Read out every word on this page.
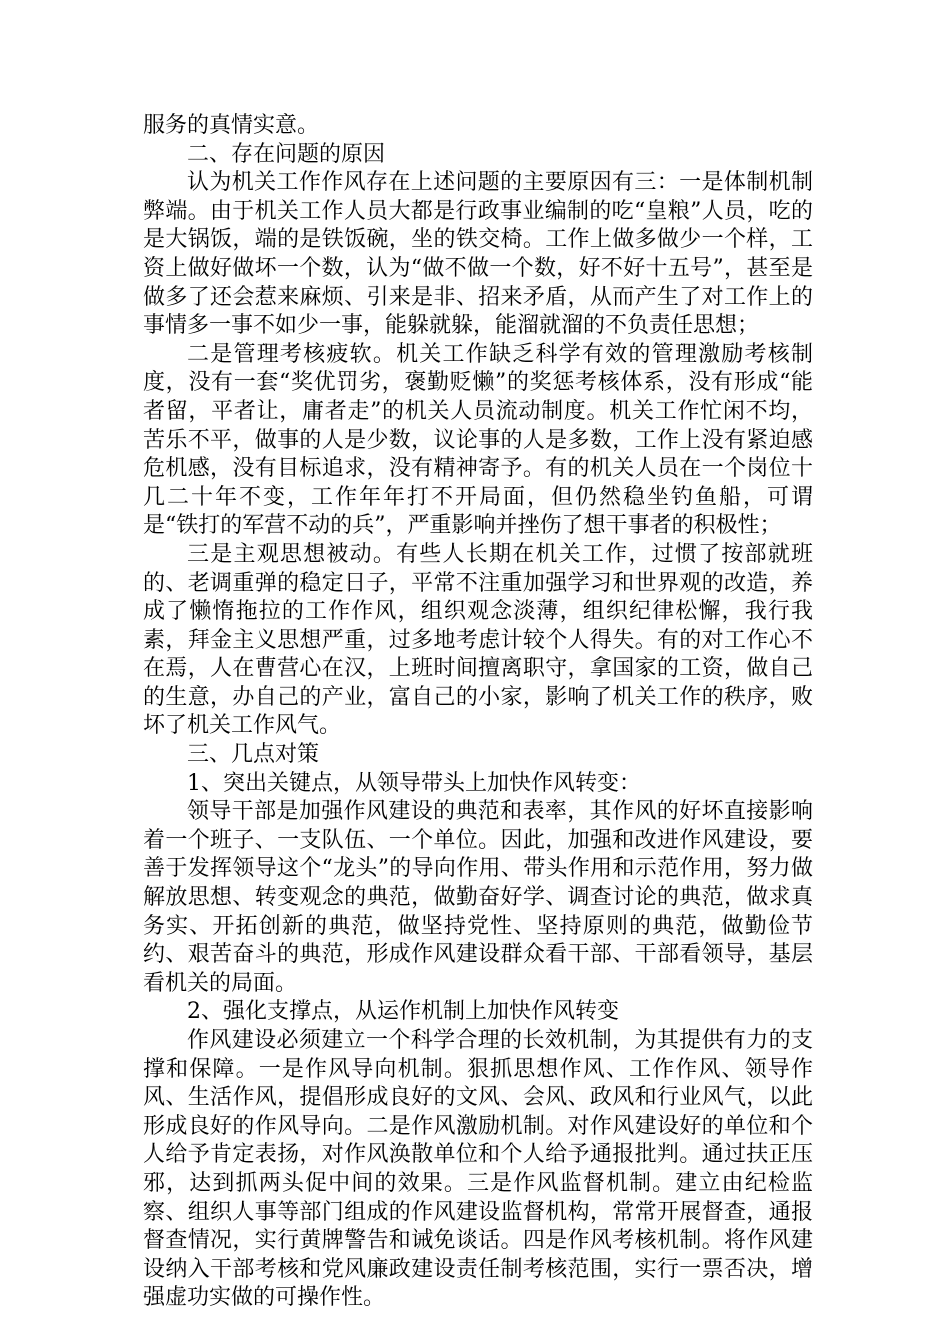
服务的真情实意。

二、存在问题的原因

认为机关工作作风存在上述问题的主要原因有三：一是体制机制弊端。由于机关工作人员大都是行政事业编制的吃“皇粮”人员，吃的是大锅饭，端的是铁饭碗，坐的铁交椅。工作上做多做少一个样，工资上做好做坏一个数，认为“做不做一个数，好不好十五号”，甚至是做多了还会惹来麻烦、引来是非、招来矛盾，从而产生了对工作上的事情多一事不如少一事，能躲就躲，能溜就溜的不负责任思想；

二是管理考核疲软。机关工作缺乏科学有效的管理激励考核制度，没有一套“奖优罚劣，褒勤贬懒”的奖惩考核体系，没有形成“能者留，平者让，庸者走”的机关人员流动制度。机关工作忙闲不均，苦乐不平，做事的人是少数，议论事的人是多数，工作上没有紧迫感危机感，没有目标追求，没有精神寄予。有的机关人员在一个岗位十几二十年不变，工作年年打不开局面，但仍然稳坐钓鱼船，可谓是“铁打的军营不动的兵”，严重影响并挫伤了想干事者的积极性；

三是主观思想被动。有些人长期在机关工作，过惯了按部就班的、老调重弹的稳定日子，平常不注重加强学习和世界观的改造，养成了懒惰拖拉的工作作风，组织观念淡薄，组织纪律松懈，我行我素，拜金主义思想严重，过多地考虑计较个人得失。有的对工作心不在焉，人在曹营心在汉，上班时间擅离职守，拿国家的工资，做自己的生意，办自己的产业，富自己的小家，影响了机关工作的秩序，败坏了机关工作风气。

三、几点对策

1、突出关键点，从领导带头上加快作风转变：

领导干部是加强作风建设的典范和表率，其作风的好坏直接影响着一个班子、一支队伍、一个单位。因此，加强和改进作风建设，要善于发挥领导这个“龙头”的导向作用、带头作用和示范作用，努力做解放思想、转变观念的典范，做勤奋好学、调查讨论的典范，做求真务实、开拓创新的典范，做坚持党性、坚持原则的典范，做勤俭节约、艰苦奋斗的典范，形成作风建设群众看干部、干部看领导，基层看机关的局面。

2、强化支撑点，从运作机制上加快作风转变

作风建设必须建立一个科学合理的长效机制，为其提供有力的支撑和保障。一是作风导向机制。狠抓思想作风、工作作风、领导作风、生活作风，提倡形成良好的文风、会风、政风和行业风气，以此形成良好的作风导向。二是作风激励机制。对作风建设好的单位和个人给予肯定表扬，对作风涣散单位和个人给予通报批判。通过扶正压邪，达到抓两头促中间的效果。三是作风监督机制。建立由纪检监察、组织人事等部门组成的作风建设监督机构，常常开展督查，通报督查情况，实行黄牌警告和诫免谈话。四是作风考核机制。将作风建设纳入干部考核和党风廉政建设责任制考核范围，实行一票否决，增强虚功实做的可操作性。
